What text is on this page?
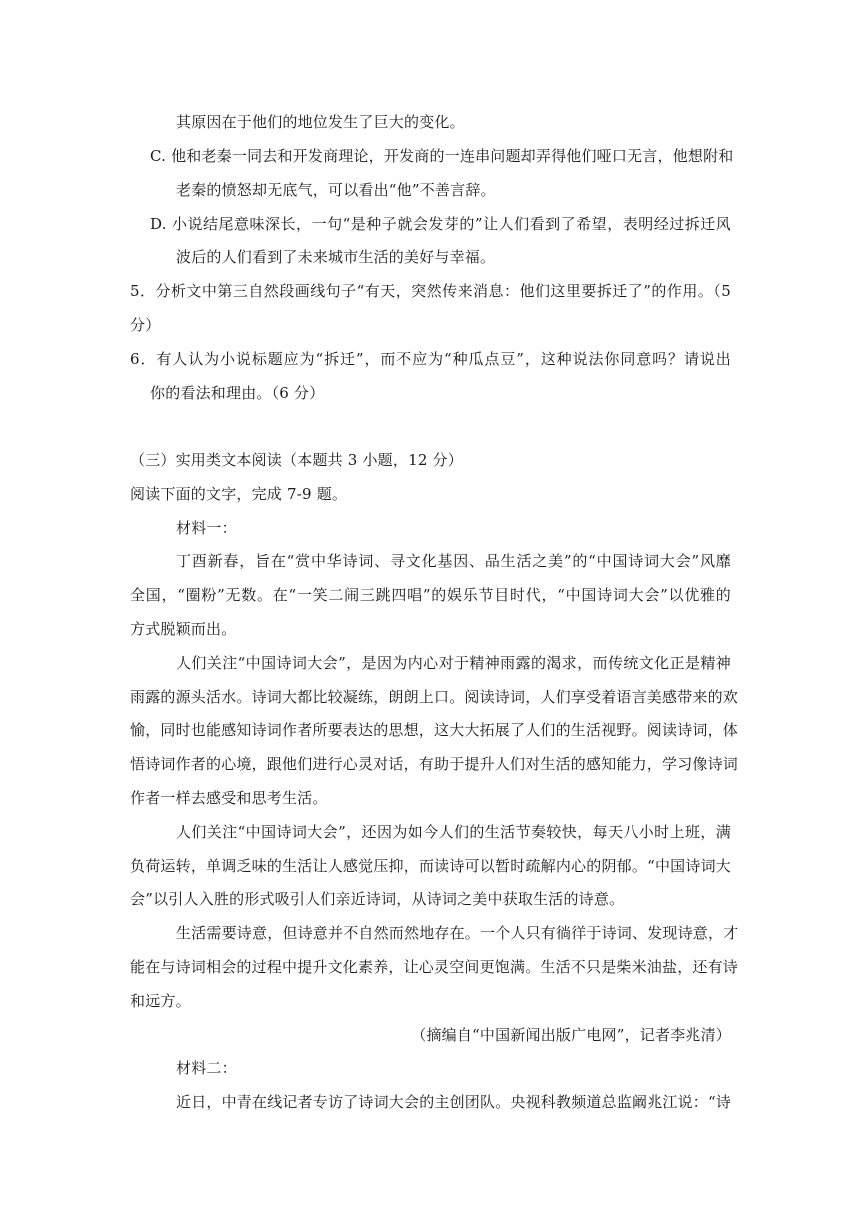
其原因在于他们的地位发生了巨大的变化。
C. 他和老秦一同去和开发商理论，开发商的一连串问题却弄得他们哑口无言，他想附和
老秦的愤怒却无底气，可以看出“他”不善言辞。
D. 小说结尾意味深长，一句“是种子就会发芽的”让人们看到了希望，表明经过拆迁风
波后的人们看到了未来城市生活的美好与幸福。
5．分析文中第三自然段画线句子“有天，突然传来消息：他们这里要拆迁了”的作用。（5
分）
6．有人认为小说标题应为“拆迁”，而不应为“种瓜点豆”，这种说法你同意吗？请说出
你的看法和理由。（6 分）
（三）实用类文本阅读（本题共 3 小题，12 分）
阅读下面的文字，完成 7-9 题。
材料一：
丁酉新春，旨在“赏中华诗词、寻文化基因、品生活之美”的“中国诗词大会”风靡
全国，“圈粉”无数。在“一笑二闹三跳四唱”的娱乐节目时代，“中国诗词大会”以优雅的
方式脱颖而出。
人们关注“中国诗词大会”，是因为内心对于精神雨露的渴求，而传统文化正是精神
雨露的源头活水。诗词大都比较凝练，朗朗上口。阅读诗词，人们享受着语言美感带来的欢
愉，同时也能感知诗词作者所要表达的思想，这大大拓展了人们的生活视野。阅读诗词，体
悟诗词作者的心境，跟他们进行心灵对话，有助于提升人们对生活的感知能力，学习像诗词
作者一样去感受和思考生活。
人们关注“中国诗词大会”，还因为如今人们的生活节奏较快，每天八小时上班，满
负荷运转，单调乏味的生活让人感觉压抑，而读诗可以暂时疏解内心的阴郁。“中国诗词大
会”以引人入胜的形式吸引人们亲近诗词，从诗词之美中获取生活的诗意。
生活需要诗意，但诗意并不自然而然地存在。一个人只有徜徉于诗词、发现诗意，才
能在与诗词相会的过程中提升文化素养，让心灵空间更饱满。生活不只是柴米油盐，还有诗
和远方。
（摘编自“中国新闻出版广电网”，记者李兆清）
材料二：
近日，中青在线记者专访了诗词大会的主创团队。央视科教频道总监阚兆江说：“诗
